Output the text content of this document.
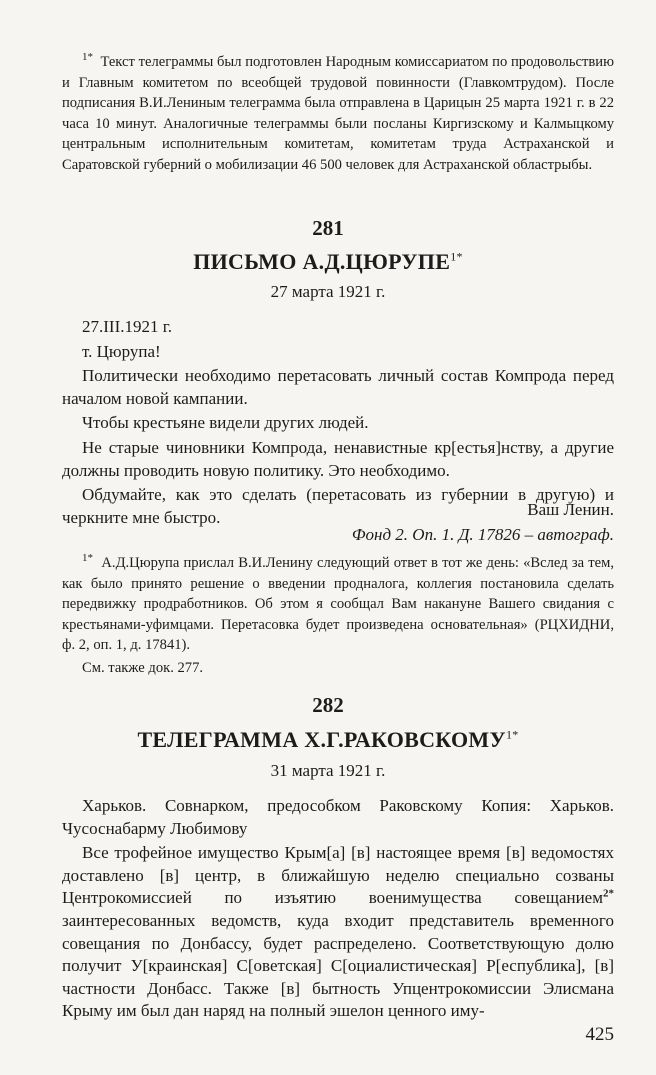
$^{1*}$ Текст телеграммы был подготовлен Народным комиссариатом по продовольствию и Главным комитетом по всеобщей трудовой повинности (Главкомтрудом). После подписания В.И.Лениным телеграмма была отправлена в Царицын 25 марта 1921 г. в 22 часа 10 минут. Аналогичные телеграммы были посланы Киргизскому и Калмыцкому центральным исполнительным комитетам, комитетам труда Астраханской и Саратовской губерний о мобилизации 46 500 человек для Астраханской областрыбы.

281
ПИСЬМО $А.Д.ЦЮРУПЕ^{1*}$
27 марта 1921 г.

27.III.1921 г.

т. Цюрупа!

Политически необходимо перетасовать личный состав Компрода перед началом новой кампании.

Чтобы крестьяне видели других людей.

Не старые чиновники Компрода, ненавистные кр[естья]нству, а другие должны проводить новую политику. Это необходимо.

Обдумайте, как это сделать (перетасовать из губернии в другую) и черкните мне быстро.	Ваш Ленин.
Фонд 2. Оп. 1. Д. 17826 – автограф.

$^{1*}$ А.Д.Цюрупа прислал В.И.Ленину следующий ответ в тот же день: «Вслед за тем, как было принято решение о введении продналога, коллегия постановила сделать передвижку продработников. Об этом я сообщал Вам накануне Вашего свидания с крестьянами-уфимцами. Перетасовка будет произведена основательная» (РЦХИДНИ, ф. 2, оп. 1, д. 17841).

См. также док. 277.

282
ТЕЛЕГРАММА $Х.Г.РАКОВСКОМУ^{1*}$
31 марта 1921 г.

Харьков. Совнарком, предособком Раковскому Копия: Харьков. Чусоснабарму Любимову

Все трофейное имущество Крым[а] [в] настоящее время [в] ведомостях доставлено [в] центр, в ближайшую неделю специально созваны Центрокомиссией по изъятию военимущества совещанием$^{2*}$ заинтересованных ведомств, куда входит представитель временного совещания по Донбассу, будет распределено. Соответствующую долю получит У[краинская] С[оветская] С[оциалистическая] Р[еспублика], [в] частности Донбасс. Также [в] бытность Упцентрокомиссии Элисмана Крыму им был дан наряд на полный эшелон ценного иму-

425
